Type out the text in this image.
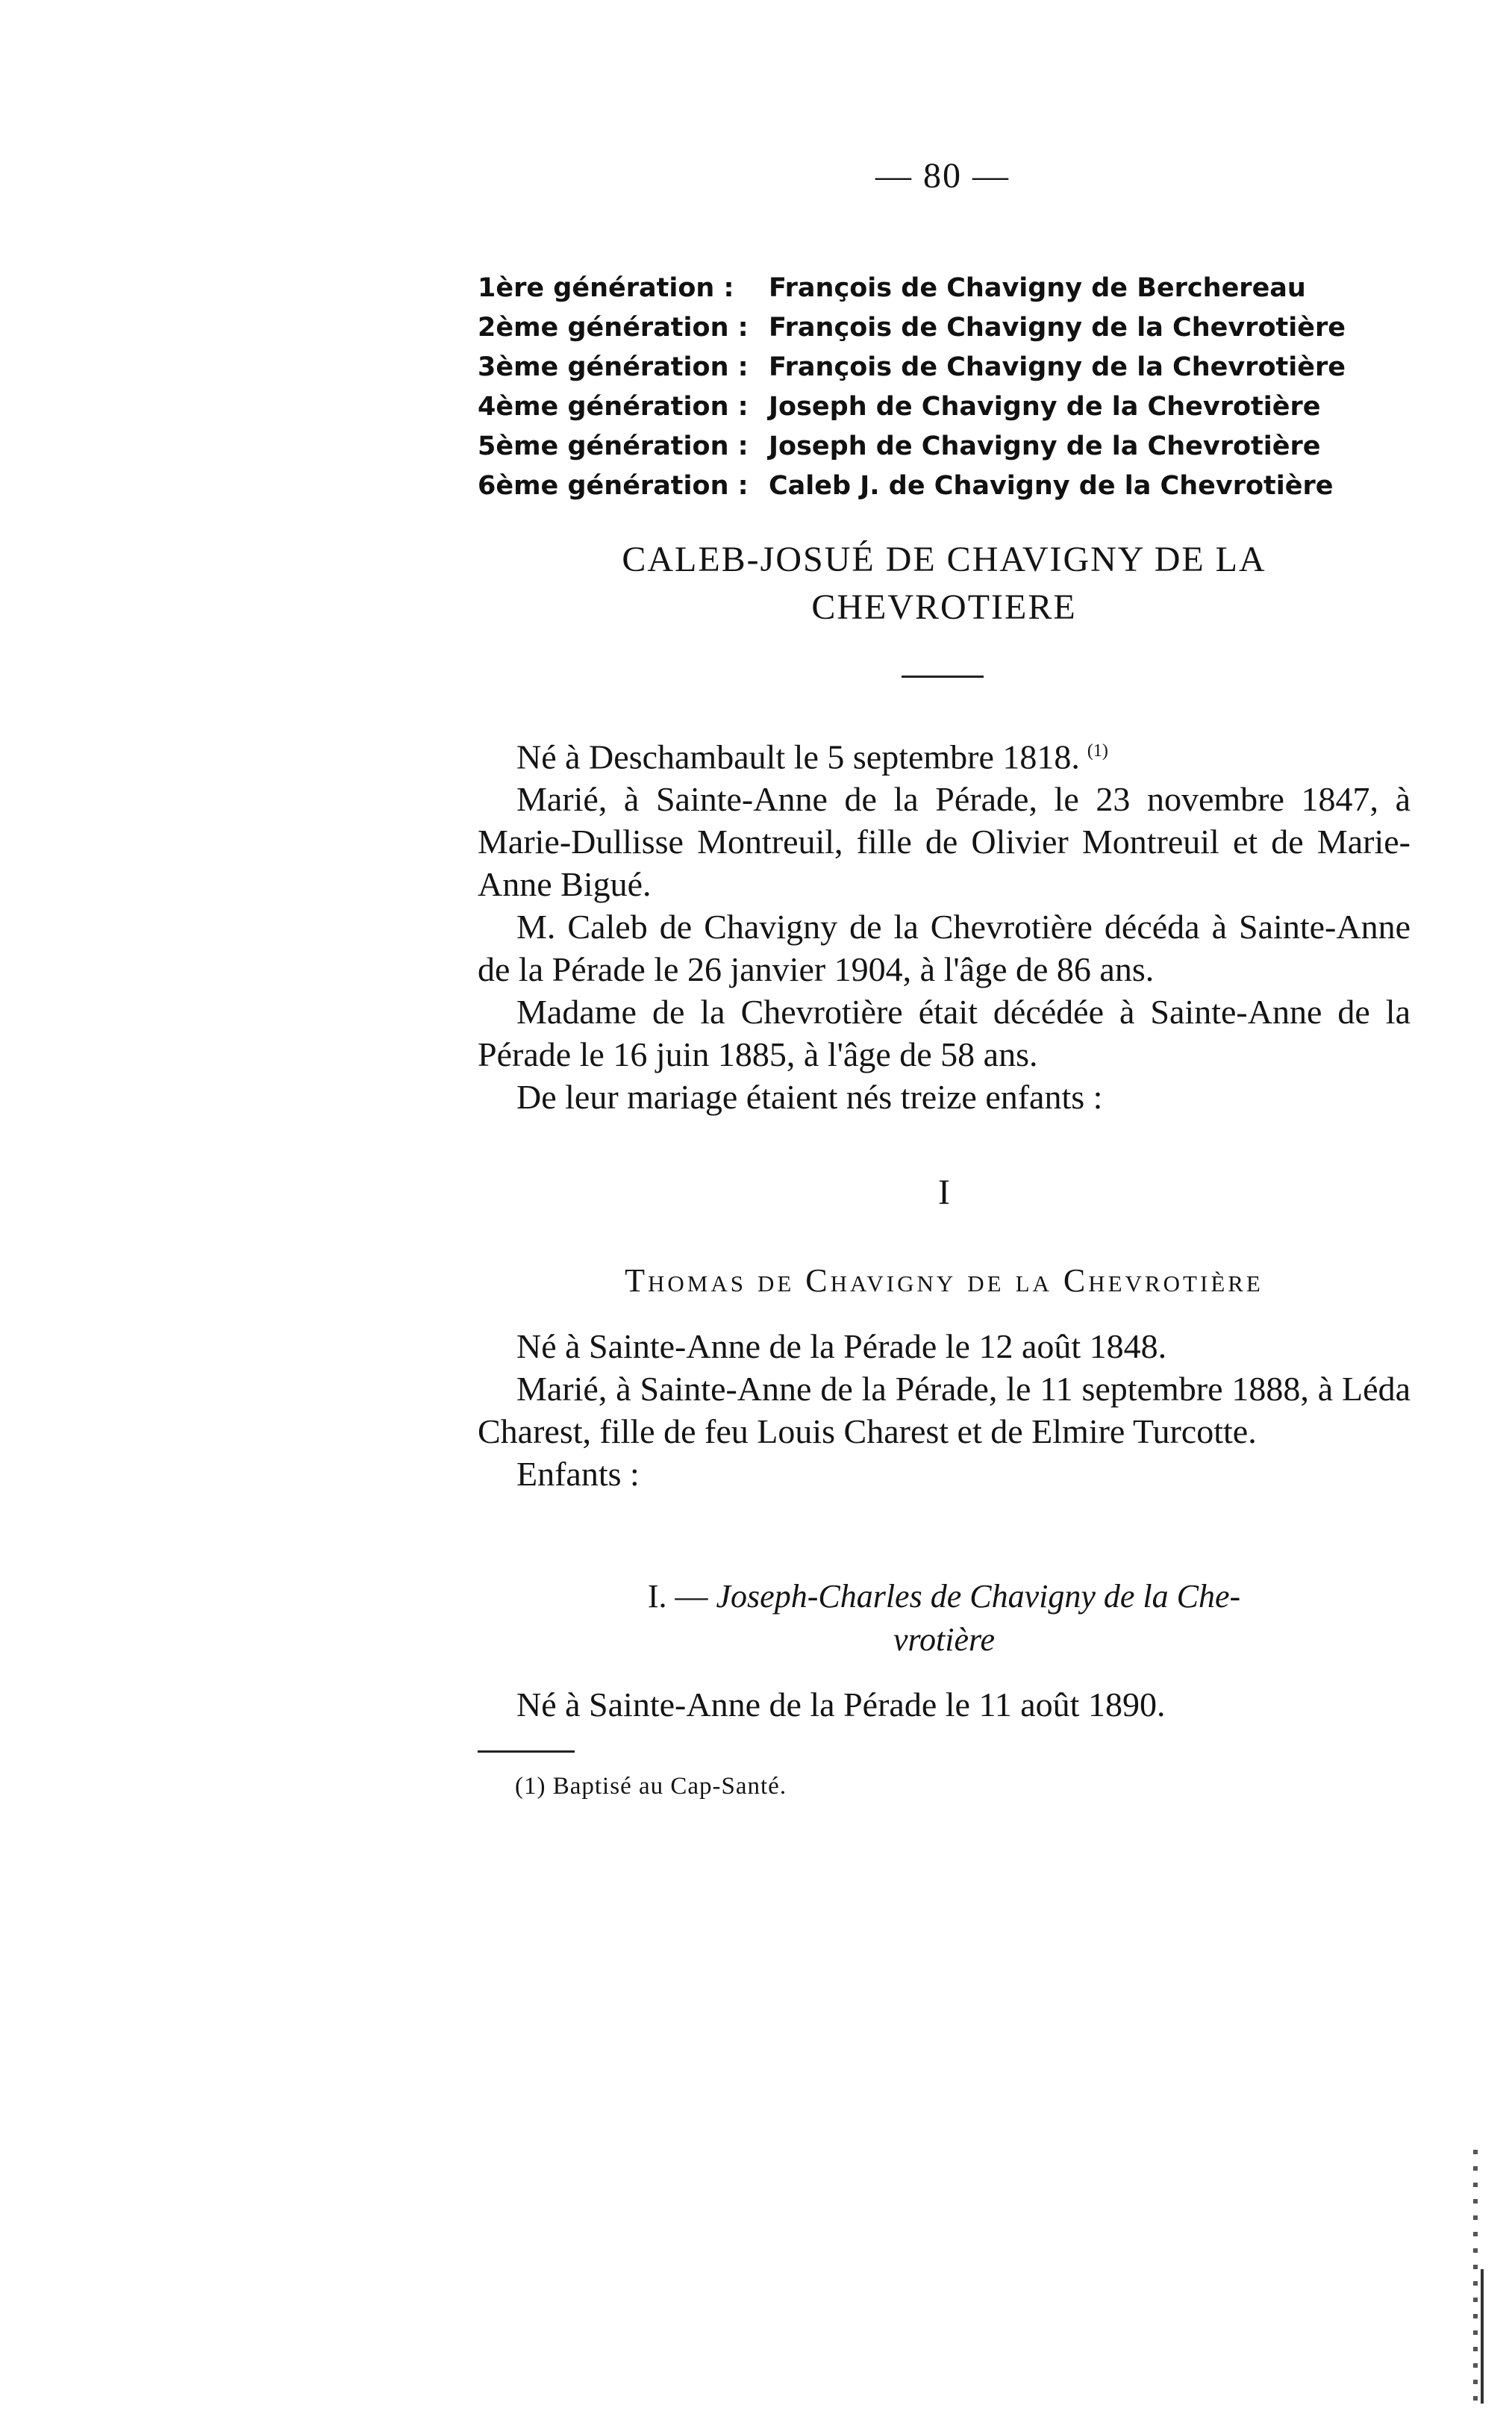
— 80 —
1ère génération : François de Chavigny de Berchereau
2ème génération : François de Chavigny de la Chevrotière
3ème génération : François de Chavigny de la Chevrotière
4ème génération : Joseph de Chavigny de la Chevrotière
5ème génération : Joseph de Chavigny de la Chevrotière
6ème génération : Caleb J. de Chavigny de la Chevrotière
CALEB-JOSUÉ DE CHAVIGNY DE LA
CHEVROTIERE

Né à Deschambault le 5 septembre 1818. $^{(1)}$

Marié, à Sainte-Anne de la Pérade, le 23 novembre 1847, à Marie-Dullisse Montreuil, fille de Olivier Montreuil et de Marie-Anne Bigué.

M. Caleb de Chavigny de la Chevrotière décéda à Sainte-Anne de la Pérade le 26 janvier 1904, à l'âge de 86 ans.

Madame de la Chevrotière était décédée à Sainte-Anne de la Pérade le 16 juin 1885, à l'âge de 58 ans.

De leur mariage étaient nés treize enfants :

I
Thomas de Chavigny de la Chevrotière

Né à Sainte-Anne de la Pérade le 12 août 1848.

Marié, à Sainte-Anne de la Pérade, le 11 septembre 1888, à Léda Charest, fille de feu Louis Charest et de Elmire Turcotte.

Enfants :

I. — Joseph-Charles de Chavigny de la Che-
vrotière

Né à Sainte-Anne de la Pérade le 11 août 1890.

(1) Baptisé au Cap-Santé.
